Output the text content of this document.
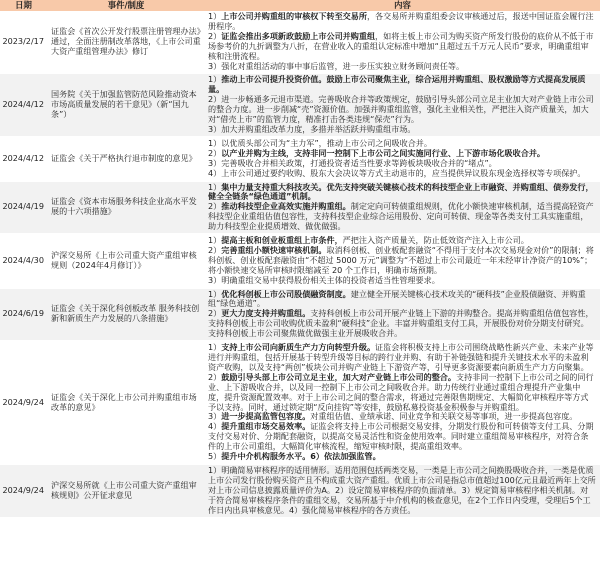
日期	事件/制度	内容
2023/2/17	证监会《首次公开发行股票注册管理办法》通过，全面注册制改革落地，《上市公司重大资产重组管理办法》修订	1）上市公司并购重组的审核权下转至交易所，各交易所并购重组委会议审核通过后，报送中国证监会履行注册程序。
2）证监会推出多项新政鼓励上市公司并购重组，如将主板上市公司为购买资产所发行股份的底价从不低于市场参考价的九折调整为八折，在营业收入的重组认定标准中增加“且超过五千万元人民币”要求，明确重组审核和注册流程。
3）强化对重组活动的事中事后监管，进一步压实独立财务顾问责任等。

2024/4/12	国务院《关于加强监管防范风险推动资本市场高质量发展的若干意见》（新“国九条”）	1）推动上市公司提升投资价值。鼓励上市公司聚焦主业，综合运用并购重组、股权激励等方式提高发展质量。
2）进一步畅通多元退市渠道。完善吸收合并等政策规定，鼓励引导头部公司立足主业加大对产业链上市公司的整合力度。进一步削减“壳”资源价值。加强并购重组监管，强化主业相关性，严把注入资产质量关，加大对“借壳上市”的监管力度，精准打击各类违规“保壳”行为。
3）加大并购重组改革力度，多措并举活跃并购重组市场。

2024/4/12	证监会《关于严格执行退市制度的意见》	1）以优质头部公司为“主力军”，推动上市公司之间吸收合并。
2）以产业并购为主线，支持非同一控制下上市公司之间实施同行业、上下游市场化吸收合并。
3）完善吸收合并相关政策，打通投资者适当性要求等跨板块吸收合并的“堵点”。
4）上市公司通过要约收购、股东大会决议等方式主动退市的，应当提供异议股东现金选择权等专项保护。

2024/4/19	证监会《资本市场服务科技企业高水平发展的十六项措施》	1）集中力量支持重大科技攻关。优先支持突破关键核心技术的科技型企业上市融资、并购重组、债券发行，健全全链条“绿色通道”机制。
2）推动科技型企业高效实施并购重组。制定定向可转债重组规则，优化小额快速审核机制，适当提高轻资产科技型企业重组估值包容性，支持科技型企业综合运用股份、定向可转债、现金等各类支付工具实施重组，助力科技型企业提质增效、做优做强。

2024/4/30	沪深交易所《上市公司重大资产重组审核规则（2024年4月修订）》	1）提高主板和创业板重组上市条件，严把注入资产质量关，防止低效资产注入上市公司。
2）完善重组小额快速审核机制。取消科创板、创业板配套融资“不得用于支付本次交易现金对价”的限制；将科创板、创业板配套融资由“不超过 5000 万元”调整为“不超过上市公司最近一年末经审计净资产的10%”；将小额快速交易所审核时限缩减至 20 个工作日，明确市场预期。
3）明确重组交易中获得股份相关主体的投资者适当性管理要求。

2024/6/19	证监会《关于深化科创板改革 服务科技创新和新质生产力发展的八条措施》	1）优化科创板上市公司股债融资制度。建立健全开展关键核心技术攻关的“硬科技”企业股债融资、并购重组“绿色通道”。
2）更大力度支持并购重组。支持科创板上市公司开展产业链上下游的并购整合。提高并购重组估值包容性，支持科创板上市公司收购优质未盈利“硬科技”企业。丰富并购重组支付工具，开展股份对价分期支付研究。支持科创板上市公司聚焦做优做强主业开展吸收合并。

2024/9/24	证监会《关于深化上市公司并购重组市场改革的意见》	1）支持上市公司向新质生产力方向转型升级。证监会将积极支持上市公司围绕战略性新兴产业、未来产业等进行并购重组，包括开展基于转型升级等目标的跨行业并购、有助于补链强链和提升关键技术水平的未盈利资产收购，以及支持“两创”板块公司并购产业链上下游资产等，引导更多资源要素向新质生产力方向聚集。
2）鼓励引导头部上市公司立足主业，加大对产业链上市公司的整合。支持非同一控制下上市公司之间的同行业、上下游吸收合并，以及同一控制下上市公司之间吸收合并。助力传统行业通过重组合理提升产业集中度，提升资源配置效率。对于上市公司之间的整合需求，将通过完善限售期规定、大幅简化审核程序等方式予以支持。同时，通过锁定期“反向挂钩”等安排，鼓励私募投资基金积极参与并购重组。
3）进一步提高监管包容度。对重组估值、业绩承诺、同业竞争和关联交易等事项，进一步提高包容度。
4）提升重组市场交易效率。证监会将支持上市公司根据交易安排，分期发行股份和可转债等支付工具、分期支付交易对价、分期配套融资，以提高交易灵活性和资金使用效率。同时建立重组简易审核程序，对符合条件的上市公司重组，大幅简化审核流程，缩短审核时限，提高重组效率。
5）提升中介机构服务水平。6）依法加强监管。

2024/9/24	沪深交易所就《上市公司重大资产重组审核规则》公开征求意见	1）明确简易审核程序的适用情形。适用范围包括两类交易，一类是上市公司之间换股吸收合并，一类是优质上市公司发行股份购买资产且不构成重大资产重组。优质上市公司是指总市值超过100亿元且最近两年上交所对上市公司信息披露质量评价为A。2）设定简易审核程序的负面清单。3）规定简易审核程序相关机制。对于符合简易审核程序条件的重组交易，交易所基于中介机构的核查意见，在2个工作日内受理，受理后5个工作日内出具审核意见。4）强化简易审核程序的各方责任。
